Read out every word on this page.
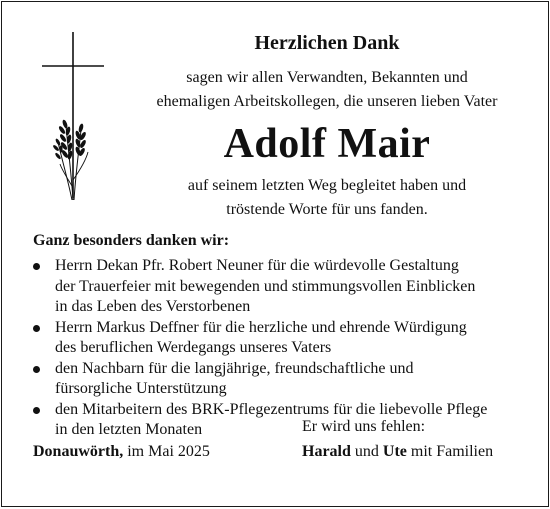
Herzlichen Dank
sagen wir allen Verwandten, Bekannten und
ehemaligen Arbeitskollegen, die unseren lieben Vater
Adolf Mair
auf seinem letzten Weg begleitet haben und
tröstende Worte für uns fanden.
Ganz besonders danken wir:
Herrn Dekan Pfr. Robert Neuner für die würdevolle Gestaltung
der Trauerfeier mit bewegenden und stimmungsvollen Einblicken
in das Leben des Verstorbenen
Herrn Markus Deffner für die herzliche und ehrende Würdigung
des beruflichen Werdegangs unseres Vaters
den Nachbarn für die langjährige, freundschaftliche und
fürsorgliche Unterstützung
den Mitarbeitern des BRK-Pflegezentrums für die liebevolle Pflege
in den letzten Monaten	Er wird uns fehlen:
Donauwörth, im Mai 2025	Harald und Ute mit Familien
